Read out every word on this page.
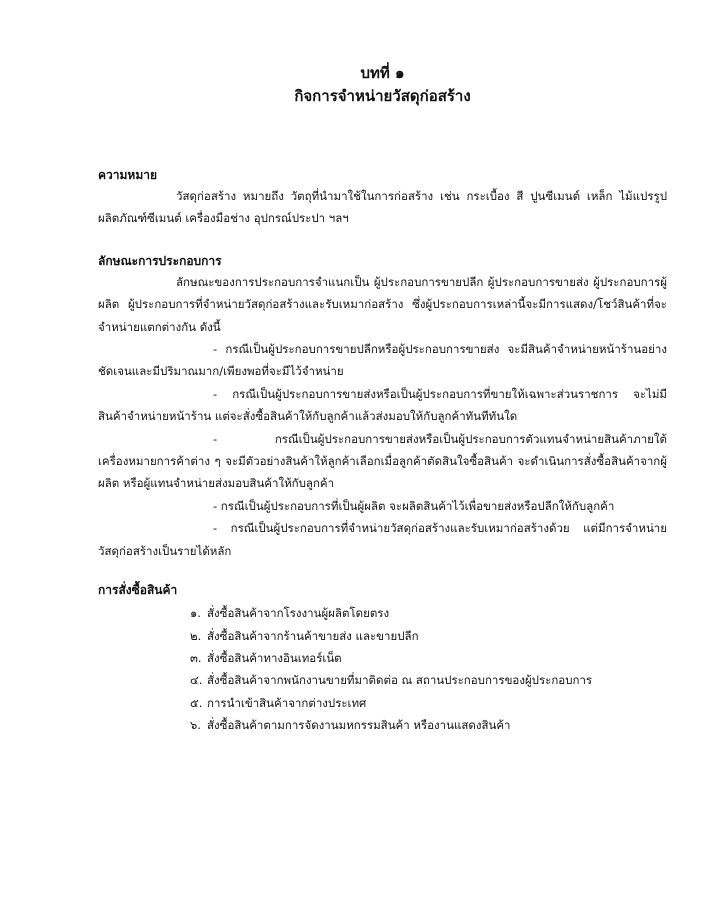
บทที่ ๑

กิจการจำหน่ายวัสดุก่อสร้าง

ความหมาย

วัสดุก่อสร้าง หมายถึง วัตถุที่นำมาใช้ในการก่อสร้าง เช่น กระเบื้อง สี ปูนซีเมนต์ เหล็ก ไม้แปรรูป ผลิตภัณฑ์ซีเมนต์ เครื่องมือช่าง อุปกรณ์ประปา ฯลฯ

ลักษณะการประกอบการ

ลักษณะของการประกอบการจำแนกเป็น ผู้ประกอบการขายปลีก ผู้ประกอบการขายส่ง ผู้ประกอบการผู้ผลิต ผู้ประกอบการที่จำหน่ายวัสดุก่อสร้างและรับเหมาก่อสร้าง ซึ่งผู้ประกอบการเหล่านี้จะมีการแสดง/โชว์สินค้าที่จะจำหน่ายแตกต่างกัน ดังนี้

- กรณีเป็นผู้ประกอบการขายปลีกหรือผู้ประกอบการขายส่ง จะมีสินค้าจำหน่ายหน้าร้านอย่างชัดเจนและมีปริมาณมาก/เพียงพอที่จะมีไว้จำหน่าย

- กรณีเป็นผู้ประกอบการขายส่งหรือเป็นผู้ประกอบการที่ขายให้เฉพาะส่วนราชการ จะไม่มีสินค้าจำหน่ายหน้าร้าน แต่จะสั่งซื้อสินค้าให้กับลูกค้าแล้วส่งมอบให้กับลูกค้าทันทีทันใด

- กรณีเป็นผู้ประกอบการขายส่งหรือเป็นผู้ประกอบการตัวแทนจำหน่ายสินค้าภายใต้เครื่องหมายการค้าต่าง ๆ จะมีตัวอย่างสินค้าให้ลูกค้าเลือกเมื่อลูกค้าตัดสินใจซื้อสินค้า จะดำเนินการสั่งซื้อสินค้าจากผู้ผลิต หรือผู้แทนจำหน่ายส่งมอบสินค้าให้กับลูกค้า

- กรณีเป็นผู้ประกอบการที่เป็นผู้ผลิต จะผลิตสินค้าไว้เพื่อขายส่งหรือปลีกให้กับลูกค้า

- กรณีเป็นผู้ประกอบการที่จำหน่ายวัสดุก่อสร้างและรับเหมาก่อสร้างด้วย แต่มีการจำหน่ายวัสดุก่อสร้างเป็นรายได้หลัก

การสั่งซื้อสินค้า

๑. สั่งซื้อสินค้าจากโรงงานผู้ผลิตโดยตรง
๒. สั่งซื้อสินค้าจากร้านค้าขายส่ง และขายปลีก
๓. สั่งซื้อสินค้าทางอินเทอร์เน็ต
๔. สั่งซื้อสินค้าจากพนักงานขายที่มาติดต่อ ณ สถานประกอบการของผู้ประกอบการ
๕. การนำเข้าสินค้าจากต่างประเทศ
๖. สั่งซื้อสินค้าตามการจัดงานมหกรรมสินค้า หรืองานแสดงสินค้า
